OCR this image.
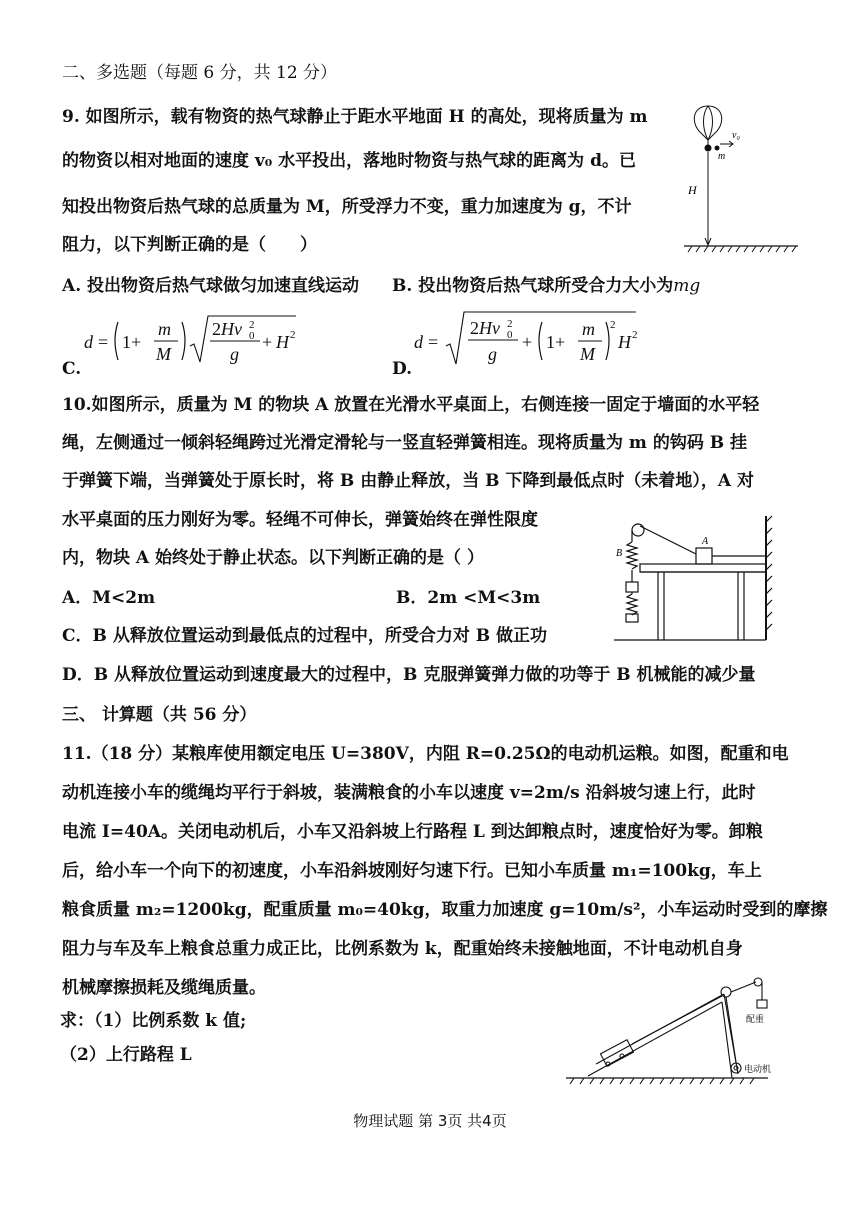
二、多选题（每题 6 分，共 12 分）
9. 如图所示，载有物资的热气球静止于距水平地面 H 的高处，现将质量为 m
的物资以相对地面的速度 v₀ 水平投出，落地时物资与热气球的距离为 d。已
知投出物资后热气球的总质量为 M，所受浮力不变，重力加速度为 g，不计
阻力，以下判断正确的是（　　）
A. 投出物资后热气球做匀加速直线运动 B. 投出物资后热气球所受合力大小为mg
C.
d = 1+
m
M
2Hv 2
0
g
+ H 2
D.
d =
2Hv 2
0
g
+ 1+
m
M
2
H 2
v₀
m
H
10.如图所示，质量为 M 的物块 A 放置在光滑水平桌面上，右侧连接一固定于墙面的水平轻
绳，左侧通过一倾斜轻绳跨过光滑定滑轮与一竖直轻弹簧相连。现将质量为 m 的钩码 B 挂
于弹簧下端，当弹簧处于原长时，将 B 由静止释放，当 B 下降到最低点时（未着地），A 对
水平桌面的压力刚好为零。轻绳不可伸长，弹簧始终在弹性限度
内，物块 A 始终处于静止状态。以下判断正确的是（ ）
A．M<2m	B．2m <M<3m
C．B 从释放位置运动到最低点的过程中，所受合力对 B 做正功
D．B 从释放位置运动到速度最大的过程中，B 克服弹簧弹力做的功等于 B 机械能的减少量
A
B
三、 计算题（共 56 分）
11.（18 分）某粮库使用额定电压 U=380V，内阻 R=0.25Ω的电动机运粮。如图，配重和电
动机连接小车的缆绳均平行于斜坡，装满粮食的小车以速度 v=2m/s 沿斜坡匀速上行，此时
电流 I=40A。关闭电动机后，小车又沿斜坡上行路程 L 到达卸粮点时，速度恰好为零。卸粮
后，给小车一个向下的初速度，小车沿斜坡刚好匀速下行。已知小车质量 m₁=100kg，车上
粮食质量 m₂=1200kg，配重质量 m₀=40kg，取重力加速度 g=10m/s²，小车运动时受到的摩擦
阻力与车及车上粮食总重力成正比，比例系数为 k，配重始终未接触地面，不计电动机自身
机械摩擦损耗及缆绳质量。
求：（1）比例系数 k 值;
（2）上行路程 L
配重
电动机
物理试题 第 3页 共4页
